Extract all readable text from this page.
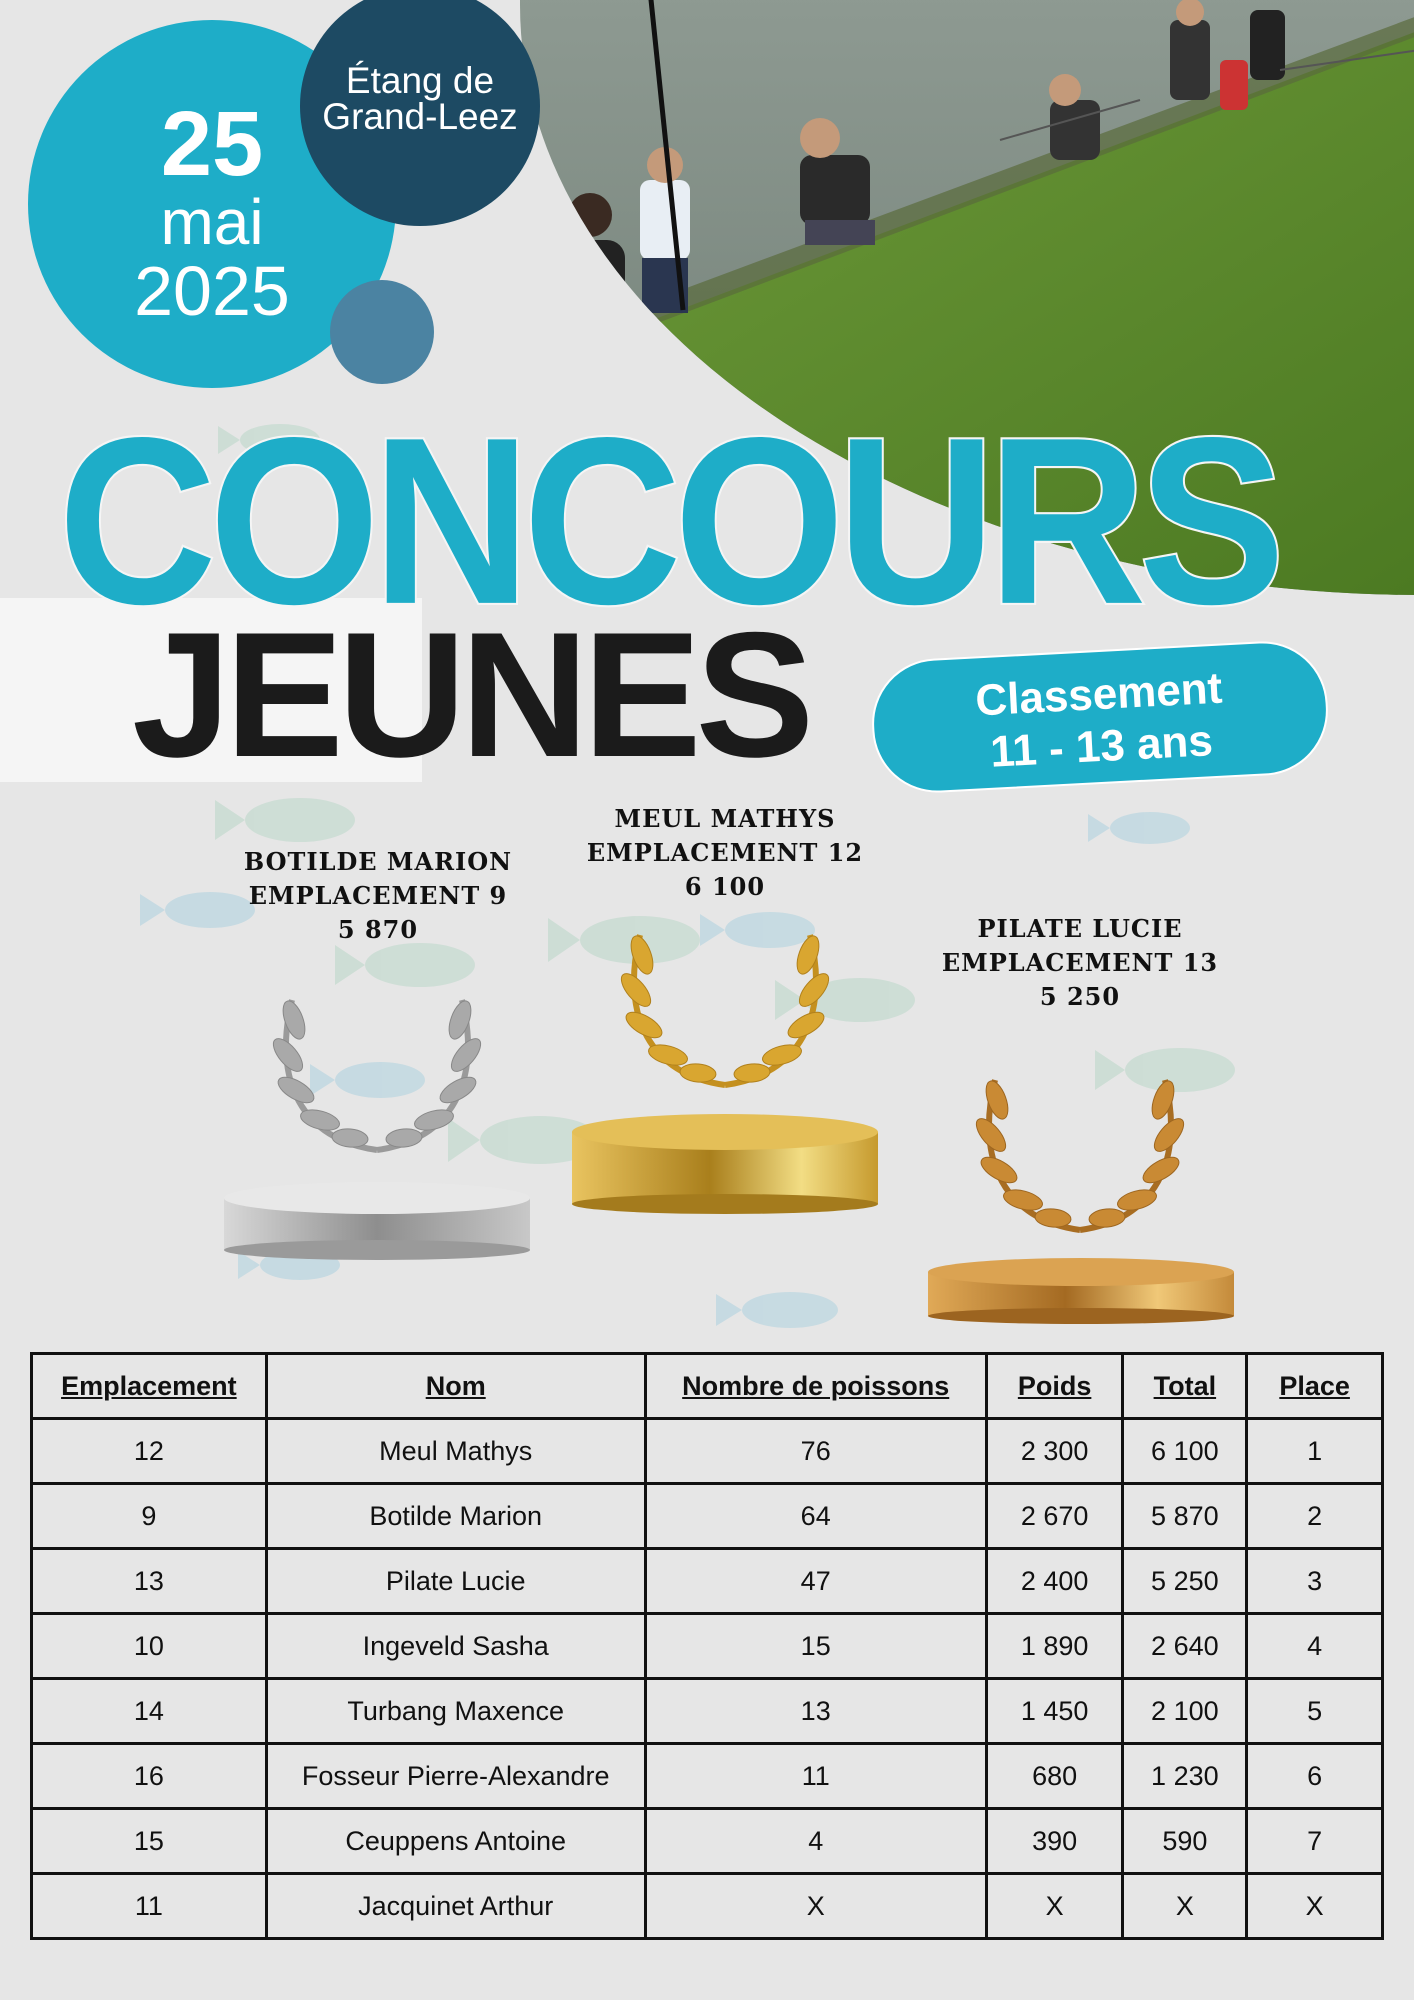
25
mai
2025
Étang de
Grand-Leez
CONCOURS
JEUNES	Classement
11 - 13 ans
BOTILDE MARION
EMPLACEMENT 9
5 870
MEUL MATHYS
EMPLACEMENT 12
6 100
PILATE LUCIE
EMPLACEMENT 13
5 250
Emplacement	Nom	Nombre de poissons	Poids	Total	Place
12	Meul Mathys	76	2 300	6 100	1
9	Botilde Marion	64	2 670	5 870	2
13	Pilate Lucie	47	2 400	5 250	3
10	Ingeveld Sasha	15	1 890	2 640	4
14	Turbang Maxence	13	1 450	2 100	5
16	Fosseur Pierre-Alexandre	11	680	1 230	6
15	Ceuppens Antoine	4	390	590	7
11	Jacquinet Arthur	X	X	X	X
